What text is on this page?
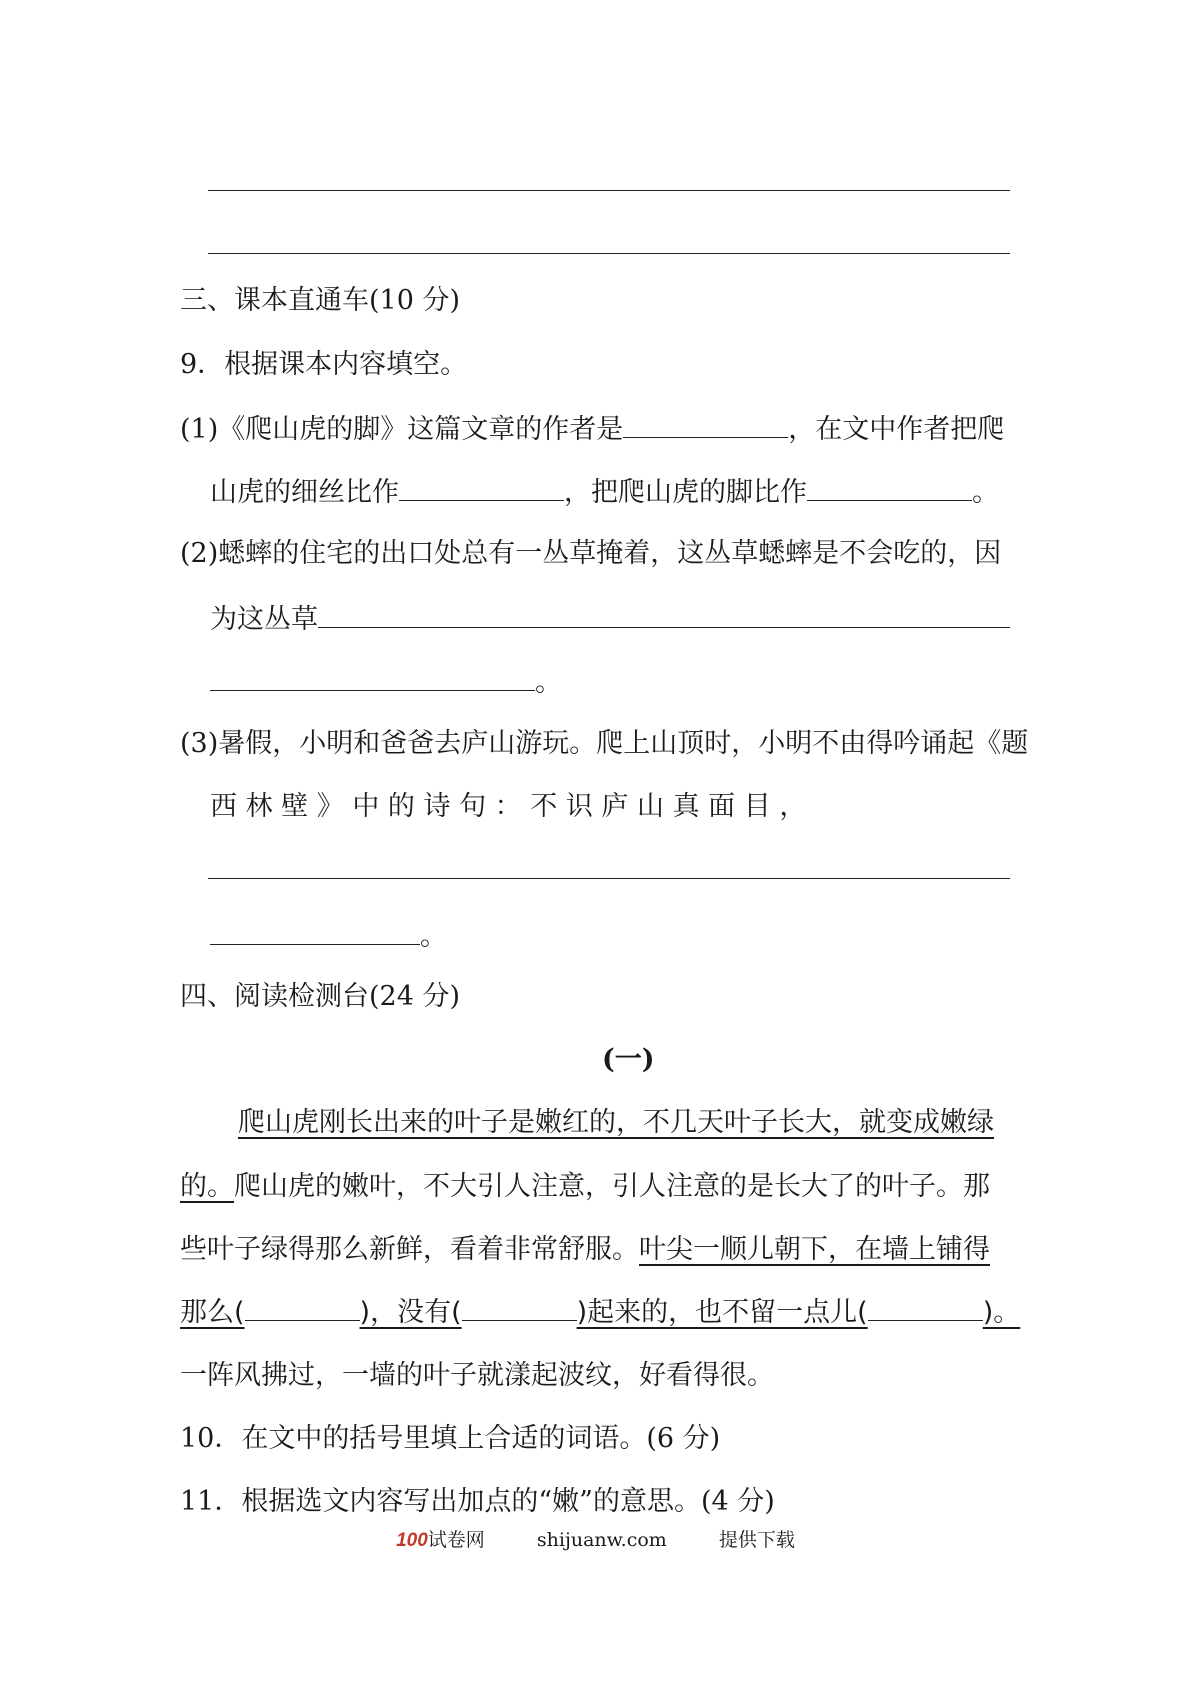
三、课本直通车(10 分)
9．根据课本内容填空。
(1)《爬山虎的脚》这篇文章的作者是	，在文中作者把爬
山虎的细丝比作	，把爬山虎的脚比作	。
(2)蟋蟀的住宅的出口处总有一丛草掩着，这丛草蟋蟀是不会吃的，因
为这丛草
。
(3)暑假，小明和爸爸去庐山游玩。爬上山顶时，小明不由得吟诵起《题
西 林 壁 》 中 的 诗 句 ： 不 识 庐 山 真 面 目 ，
。
四、阅读检测台(24 分)
(一)
爬山虎刚长出来的叶子是嫩红的，不几天叶子长大，就变成嫩绿
的。爬山虎的嫩叶，不大引人注意，引人注意的是长大了的叶子。那
些叶子绿得那么新鲜，看着非常舒服。叶尖一顺儿朝下，在墙上铺得
那么(	)，没有(	)起来的，也不留一点儿(	)。
一阵风拂过，一墙的叶子就漾起波纹，好看得很。
10．在文中的括号里填上合适的词语。(6 分)
11．根据选文内容写出加点的“嫩”的意思。(4 分)
100试卷网	shijuanw.com	提供下载
